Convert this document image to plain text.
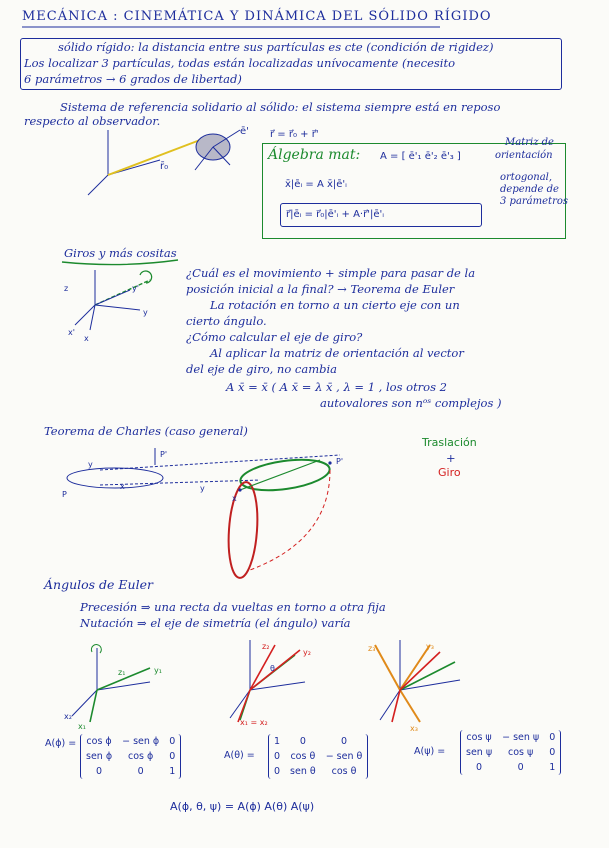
MECÁNICA : CINEMÁTICA Y DINÁMICA DEL SÓLIDO RÍGIDO
sólido rígido: la distancia entre sus partículas es cte (condición de rigidez)
Los localizar 3 partículas, todas están localizadas unívocamente (necesito
6 parámetros → 6 grados de libertad)
Sistema de referencia solidario al sólido: el sistema siempre está en reposo
respecto al observador.
r⃗ = r⃗₀ + r⃗'
ē'
r̄₀
Álgebra mat: A = [ ē'₁ ē'₂ ē'₃ ]
x̄|ēᵢ = A x̄|ē'ᵢ
r⃗|ēᵢ = r⃗₀|ē'ᵢ + A·r⃗'|ē'ᵢ
Matriz de
orientación
ortogonal,
depende de
3 parámetros
Giros y más cositas
z	y'
y
x'
x
¿Cuál es el movimiento + simple para pasar de la
posición inicial a la final? → Teorema de Euler
La rotación en torno a un cierto eje con un
cierto ángulo.
¿Cómo calcular el eje de giro?
Al aplicar la matriz de orientación al vector
del eje de giro, no cambia
A x̄ = x̄ ( A x̄ = λ x̄ , λ = 1 , los otros 2
autovalores son nᵒˢ complejos )
Teorema de Charles (caso general)
Traslación
+
Giro
y
P'
x
P
P'
y
x
Ángulos de Euler
Precesión ⇒ una recta da vueltas en torno a otra fija
Nutación ⇒ el eje de simetría (el ángulo) varía
z₁	y₁
y₂
x₁
x₂
z₂
θ
x₁ = x₂
y₃
x₃
z₃
A(ϕ) = cos ϕ	− sen ϕ	0
sen ϕ	cos ϕ	0
0	0	1
A(θ) =
1	0	0
0	cos θ	− sen θ
0	sen θ	cos θ
A(ψ) =
cos ψ	− sen ψ	0
sen ψ	cos ψ	0
0	0	1
A(ϕ, θ, ψ) = A(ϕ) A(θ) A(ψ)
